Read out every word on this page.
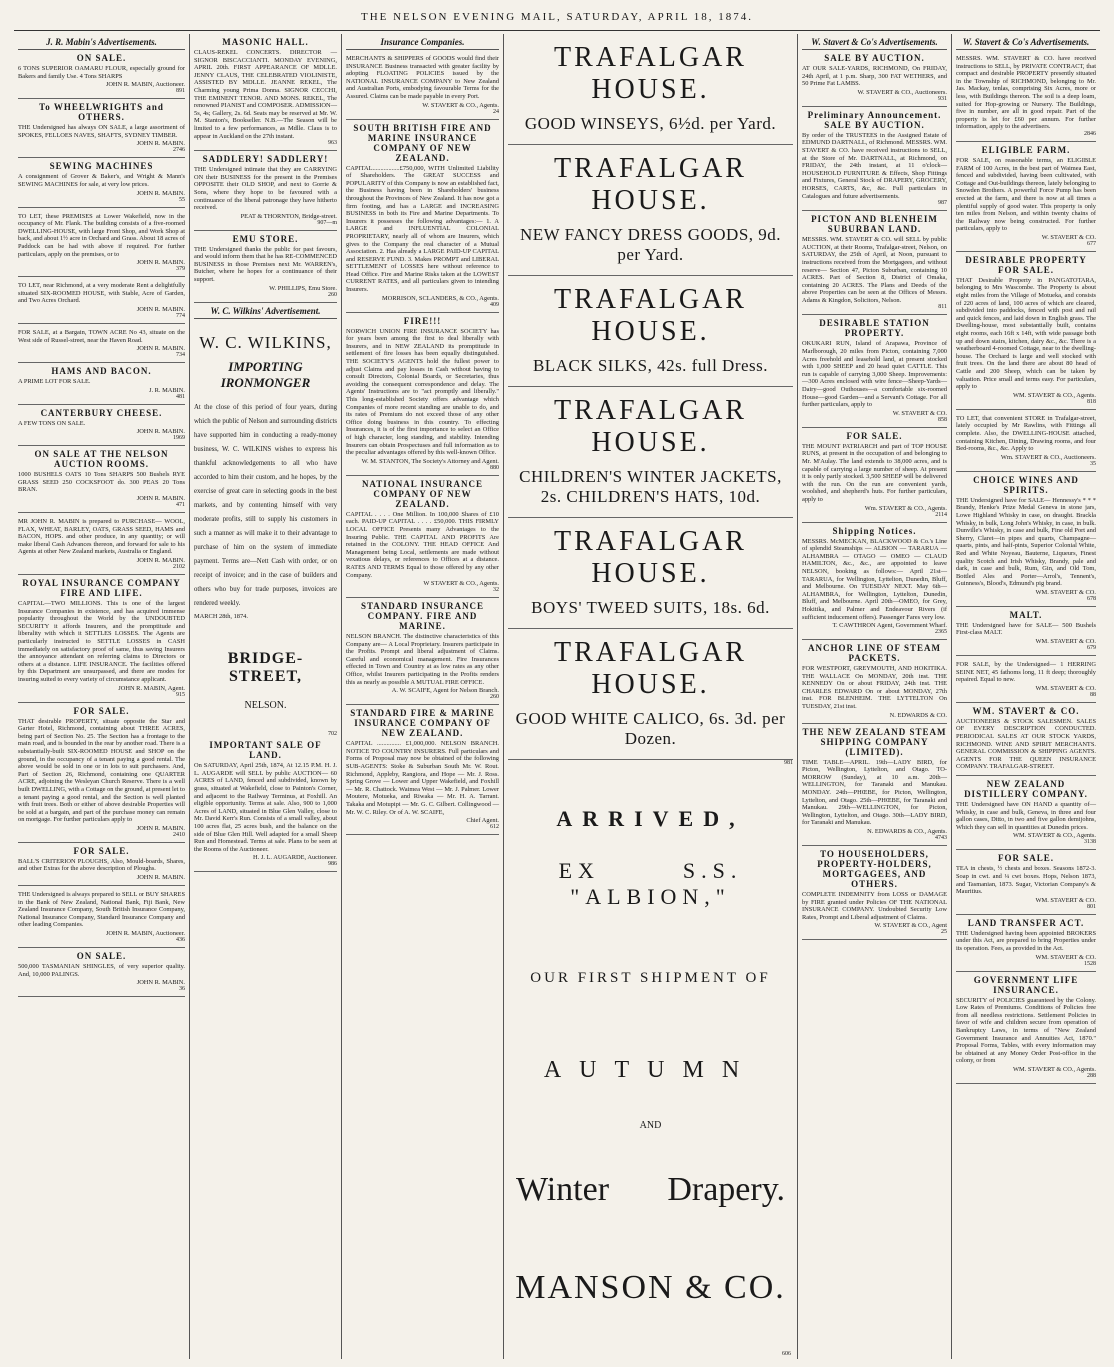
THE NELSON EVENING MAIL, SATURDAY, APRIL 18, 1874.
J. R. Mabin's Advertisements.
ON SALE.
6 TONS SUPERIOR OAMARU FLOUR, especially ground for Bakers and family Use. 4 Tons SHARPS
JOHN R. MABIN, Auctioneer.
891
To WHEELWRIGHTS and OTHERS.
THE Undersigned has always ON SALE, a large assortment of SPOKES, FELLOES NAVES, SHAFTS, SYDNEY TIMBER.
JOHN R. MABIN.
2746
SEWING MACHINES
A consignment of Grover & Baker's, and Wright & Mann's SEWING MACHINES for sale, at very low prices.
JOHN R. MABIN.
55
TO LET, these PREMISES at Lower Wakefield, now in the occupancy of Mr. Flank. The building consists of a five-roomed DWELLING-HOUSE, with large Front Shop, and Work Shop at back, and about 1½ acre in Orchard and Grass. About 18 acres of Paddock can be had with above if required. For further particulars, apply on the premises, or to
JOHN R. MABIN.
379
TO LET, near Richmond, at a very moderate Rent a delightfully situated SIX-ROOMED HOUSE, with Stable, Acre of Garden, and Two Acres Orchard.
JOHN R. MABIN.
774
FOR SALE, at a Bargain, TOWN ACRE No 43, situate on the West side of Russel-street, near the Haven Road.
JOHN R. MABIN.
734
HAMS AND BACON.
A PRIME LOT FOR SALE.
J. R. MABIN.
481
CANTERBURY CHEESE.
A FEW TONS ON SALE.
JOHN R. MABIN.
1969
ON SALE AT THE NELSON AUCTION ROOMS.
1000 BUSHELS OATS 10 Tons SHARPS 500 Bushels RYE GRASS SEED 250 COCKSFOOT do. 300 PEAS 20 Tons BRAN.
JOHN R. MABIN.
471
MR JOHN R. MABIN is prepared to PURCHASE— WOOL, FLAX, WHEAT, BARLEY, OATS, GRASS SEED, HAMS and BACON, HOPS. and other produce, in any quantity; or will make liberal Cash Advances thereon, and forward for sale to his Agents at other New Zealand markets, Australia or England.
JOHN R. MABIN.
2102
ROYAL INSURANCE COMPANY FIRE AND LIFE.
CAPITAL—TWO MILLIONS. This is one of the largest Insurance Companies in existence, and has acquired immense popularity throughout the World by the UNDOUBTED SECURITY it affords Insurers, and the promptitude and liberality with which it SETTLES LOSSES. The Agents are particularly instructed to SETTLE LOSSES in CASH immediately on satisfactory proof of same, thus saving Insurers the annoyance attendant on referring claims to Directors or others at a distance. LIFE INSURANCE. The facilities offered by this Department are unsurpassed, and there are modes for insuring suited to every variety of circumstance applicant.
JOHN R. MABIN, Agent.
915
FOR SALE.
THAT desirable PROPERTY, situate opposite the Star and Garter Hotel, Richmond, containing about THREE ACRES, being part of Section No. 25. The Section has a frontage to the main road, and is bounded in the rear by another road. There is a substantially-built SIX-ROOMED HOUSE and SHOP on the ground, in the occupancy of a tenant paying a good rental. The above would be sold in one or in lots to suit purchasers. And, Part of Section 26, Richmond, containing one QUARTER ACRE, adjoining the Wesleyan Church Reserve. There is a well built DWELLING, with a Cottage on the ground, at present let to a tenant paying a good rental, and the Section is well planted with fruit trees. Both or either of above desirable Properties will be sold at a bargain, and part of the purchase money can remain on mortgage. For further particulars apply to
JOHN R. MABIN.
2410
FOR SALE.
BALL'S CRITERION PLOUGHS, Also, Mould-boards, Shares, and other Extras for the above description of Ploughs.
JOHN R. MABIN.
THE Undersigned is always prepared to SELL or BUY SHARES in the Bank of New Zealand, National Bank, Fiji Bank, New Zealand Insurance Company, South British Insurance Company, National Insurance Company, Standard Insurance Company and other leading Companies.
JOHN R. MABIN, Auctioneer.
436
ON SALE.
500,000 TASMANIAN SHINGLES, of very superior quality. And, 10,000 PALINGS.
JOHN R. MABIN.
36
MASONIC HALL.
CLAUS-REKEL CONCERTS. DIRECTOR — SIGNOR BISCACCIANTI. MONDAY EVENING, APRIL 20th. FIRST APPEARANCE OF MDLLE. JENNY CLAUS, THE CELEBRATED VIOLINISTE, ASSISTED BY MDLLE. JEANNE REKEL, The Charming young Prima Donna. SIGNOR CECCHI, THE EMINENT TENOR. AND MONS. REKEL, The renowned PIANIST and COMPOSER. ADMISSION—5s, 4s; Gallery, 2s. 6d. Seats may be reserved at Mr. W. M. Stanton's, Bookseller. N.B.—The Season will be limited to a few performances, as Mdlle. Claus is to appear in Auckland on the 27th instant.
963
SADDLERY! SADDLERY!
THE Undersigned intimate that they are CARRYING ON their BUSINESS for the present in the Premises OPPOSITE their OLD SHOP, and next to Gorrie & Sons, where they hope to be favoured with a continuance of the liberal patronage they have hitherto received.
PEAT & THORNTON, Bridge-street.
907—m
EMU STORE.
THE Undersigned thanks the public for past favours, and would inform them that he has RE-COMMENCED BUSINESS in those Premises next Mr. WARREN's, Butcher, where he hopes for a continuance of their support.
W. PHILLIPS, Emu Store.
260
W. C. Wilkins' Advertisement.
W. C. WILKINS,
IMPORTING IRONMONGER
At the close of this period of four years, during which the public of Nelson and surrounding districts have supported him in conducting a ready-money business, W. C. WILKINS wishes to express his thankful acknowledgements to all who have accorded to him their custom, and he hopes, by the exercise of great care in selecting goods in the best markets, and by contenting himself with very moderate profits, still to supply his customers in such a manner as will make it to their advantage to purchase of him on the system of immediate payment. Terms are—Nett Cash with order, or on receipt of invoice; and in the case of builders and others who buy for trade purposes, invoices are rendered weekly.
MARCH 28th, 1874.
BRIDGE-STREET,
NELSON.
702
IMPORTANT SALE OF LAND.
On SATURDAY, April 25th, 1874, At 12.15 P.M. H. J. L. AUGARDE will SELL by public AUCTION— 60 ACRES of LAND, fenced and subdivided, known by grass, situated at Wakefield, close to Painton's Corner, and adjacent to the Railway Terminus, at Foxhill. An eligible opportunity. Terms at sale. Also, 900 to 1,000 Acres of LAND, situated in Blue Glen Valley, close to Mr. David Kerr's Run. Consists of a small valley, about 100 acres flat, 25 acres bush, and the balance on the side of Blue Glen Hill. Well adapted for a small Sheep Run and Homestead. Terms at sale. Plans to be seen at the Rooms of the Auctioneer.
H. J. L. AUGARDE, Auctioneer.
986
Insurance Companies.
MERCHANTS & SHIPPERS of GOODS would find their INSURANCE Business transacted with greater facility by adopting FLOATING POLICIES issued by the NATIONAL INSURANCE COMPANY to New Zealand and Australian Ports, embodying favourable Terms for the Assured. Claims can be made payable in every Port.
W. STAVERT & CO., Agents.
24
SOUTH BRITISH FIRE AND MARINE INSURANCE COMPANY OF NEW ZEALAND.
CAPITAL.................£750,000, WITH Unlimited Liability of Shareholders. The GREAT SUCCESS and POPULARITY of this Company is now an established fact, the Business having been in Shareholders' business throughout the Provinces of New Zealand. It has now got a firm footing, and has a LARGE and INCREASING BUSINESS in both its Fire and Marine Departments. To Insurers it possesses the following advantages:— 1. A LARGE and INFLUENTIAL COLONIAL PROPRIETARY, nearly all of whom are Insurers, which gives to the Company the real character of a Mutual Association. 2. Has already a LARGE PAID-UP CAPITAL and RESERVE FUND. 3. Makes PROMPT and LIBERAL SETTLEMENT of LOSSES here without reference to Head Office. Fire and Marine Risks taken at the LOWEST CURRENT RATES, and all particulars given to intending Insurers.
MORRISON, SCLANDERS, & CO., Agents.
409
FIRE!!!
NORWICH UNION FIRE INSURANCE SOCIETY has for years been among the first to deal liberally with Insurers, and in NEW ZEALAND its promptitude in settlement of fire losses has been equally distinguished. THE SOCIETY'S AGENTS hold the fullest power to adjust Claims and pay losses in Cash without having to consult Directors, Colonial Boards, or Secretaries, thus avoiding the consequent correspondence and delay. The Agents' Instructions are to "act promptly and liberally." This long-established Society offers advantage which Companies of more recent standing are unable to do, and its rates of Premium do not exceed those of any other Office doing business in this country. To effecting Insurances, it is of the first importance to select an Office of high character, long standing, and stability. Intending Insurers can obtain Prospectuses and full information as to the peculiar advantages offered by this well-known Office.
W. M. STANTON, The Society's Attorney and Agent.
880
NATIONAL INSURANCE COMPANY OF NEW ZEALAND.
CAPITAL . . . . One Million. In 100,000 Shares of £10 each. PAID-UP CAPITAL . . . . £50,000. THIS FIRMLY LOCAL OFFICE Presents many Advantages to the Insuring Public. THE CAPITAL AND PROFITS Are retained in the COLONY. THE HEAD OFFICE And Management being Local, settlements are made without vexatious delays, or references to Offices at a distance. RATES AND TERMS Equal to those offered by any other Company.
W STAVERT & CO., Agents.
32
STANDARD INSURANCE COMPANY. FIRE AND MARINE.
NELSON BRANCH. The distinctive characteristics of this Company are— A Local Proprietary. Insurers participate in the Profits. Prompt and liberal adjustment of Claims. Careful and economical management. Fire Insurances effected in Town and Country at as low rates as any other Office, whilst Insurers participating in the Profits renders this as nearly as possible A MUTUAL FIRE OFFICE.
A. W. SCAIFE, Agent for Nelson Branch.
260
STANDARD FIRE & MARINE INSURANCE COMPANY OF NEW ZEALAND.
CAPITAL ............... £1,000,000. NELSON BRANCH. NOTICE TO COUNTRY INSURERS. Full particulars and Forms of Proposal may now be obtained of the following SUB-AGENTS: Stoke & Suburban South Mr. W. Rout. Richmond, Appleby, Rangiora, and Hope — Mr. J. Ross. Spring Grove — Lower and Upper Wakefield, and Foxhill — Mr. R. Chattock. Waimea West — Mr. J. Palmer. Lower Moutere, Motueka, and Riwaka — Mr. H. A. Tarrant. Takaka and Motupipi — Mr. G. C. Gilbert. Collingwood — Mr. W. C. Riley. Or of A. W. SCAIFE,
Chief Agent.
612
TRAFALGAR HOUSE.
GOOD WINSEYS, 6½d. per Yard.
TRAFALGAR HOUSE.
NEW FANCY DRESS GOODS, 9d. per Yard.
TRAFALGAR HOUSE.
BLACK SILKS, 42s. full Dress.
TRAFALGAR HOUSE.
CHILDREN'S WINTER JACKETS, 2s. CHILDREN'S HATS, 10d.
TRAFALGAR HOUSE.
BOYS' TWEED SUITS, 18s. 6d.
TRAFALGAR HOUSE.
GOOD WHITE CALICO, 6s. 3d. per Dozen.
981
ARRIVED,
EX	S.S. "ALBION,"
OUR FIRST SHIPMENT OF
AUTUMN
AND
Winter Drapery.
MANSON & CO.
606
W. Stavert & Co's Advertisements.
SALE BY AUCTION.
AT OUR SALE-YARDS, RICHMOND, On FRIDAY, 24th April, at 1 p.m. Sharp, 300 FAT WETHERS, and 50 Prime Fat LAMBS.
W. STAVERT & CO., Auctioneers.
931
Preliminary Announcement. SALE BY AUCTION.
By order of the TRUSTEES in the Assigned Estate of EDMUND DARTNALL, of Richmond. MESSRS. WM. STAVERT & CO. have received instructions to SELL, at the Store of Mr. DARTNALL, at Richmond, on FRIDAY, the 24th instant, at 11 o'clock— HOUSEHOLD FURNITURE & Effects, Shop Fittings and Fixtures, General Stock of DRAPERY, GROCERY, HORSES, CARTS, &c, &c. Full particulars in Catalogues and future advertisements.
987
PICTON AND BLENHEIM SUBURBAN LAND.
MESSRS. WM. STAVERT & CO. will SELL by public AUCTION, at their Rooms, Trafalgar-street, Nelson, on SATURDAY, the 25th of April, at Noon, pursuant to instructions received from the Mortgagees, and without reserve— Section 47, Picton Suburban, containing 10 ACRES. Part of Section 8, District of Omaka, containing 20 ACRES. The Plans and Deeds of the above Properties can be seen at the Offices of Messrs. Adams & Kingdon, Solicitors, Nelson.
811
DESIRABLE STATION PROPERTY.
OKUKARI RUN, Island of Arapawa, Province of Marlborough, 20 miles from Picton, containing 7,000 Acres freehold and leasehold land, at present stocked with 1,000 SHEEP and 20 head quiet CATTLE. This run is capable of carrying 3,000 Sheep. Improvements:—300 Acres enclosed with wire fence—Sheep-Yards—Dairy—good Outhouses—a comfortable six-roomed House—good Garden—and a Servant's Cottage. For all further particulars, apply to
W. STAVERT & CO.
858
FOR SALE.
THE MOUNT PATRIARCH and part of TOP HOUSE RUNS, at present in the occupation of and belonging to Mr. M'Aulay. The land extends to 38,000 acres, and is capable of carrying a large number of sheep. At present it is only partly stocked. 3,500 SHEEP will be delivered with the run. On the run are convenient yards, woolshed, and shepherd's huts. For further particulars, apply to
Wm. STAVERT & CO., Agents.
2114
Shipping Notices.
MESSRS. McMECKAN, BLACKWOOD & Co.'s Line of splendid Steamships — ALBION — TARARUA — ALHAMBRA — OTAGO — OMEO — CLAUD HAMILTON, &c., &c., are appointed to leave NELSON, booking as follows:— April 21st—TARARUA, for Wellington, Lyttelton, Dunedin, Bluff, and Melbourne. On TUESDAY NEXT. May 6th—ALHAMBRA, for Wellington, Lyttelton, Dunedin, Bluff, and Melbourne. April 20th—OMEO, for Grey, Hokitika, and Palmer and Endeavour Rivers (if sufficient inducement offers). Passenger Fares very low.
T. CAWTHRON Agent, Government Wharf.
2365
ANCHOR LINE OF STEAM PACKETS.
FOR WESTPORT, GREYMOUTH, AND HOKITIKA. THE WALLACE On MONDAY, 20th inst. THE KENNEDY On or about FRIDAY, 24th inst. THE CHARLES EDWARD On or about MONDAY, 27th inst. FOR BLENHEIM. THE LYTTELTON On TUESDAY, 21st inst.
N. EDWARDS & CO.
THE NEW ZEALAND STEAM SHIPPING COMPANY (LIMITED).
TIME TABLE—APRIL. 19th—LADY BIRD, for Picton, Wellington, Lyttelton, and Otago. TO-MORROW (Sunday), at 10 a.m. 20th—WELLINGTON, for Taranaki and Manukau. MONDAY. 24th—PHŒBE, for Picton, Wellington, Lyttelton, and Otago. 25th—PHŒBE, for Taranaki and Manukau. 29th—WELLINGTON, for Picton, Wellington, Lyttelton, and Otago. 30th—LADY BIRD, for Taranaki and Manukau.
N. EDWARDS & CO., Agents.
4743
TO HOUSEHOLDERS, PROPERTY-HOLDERS, MORTGAGEES, AND OTHERS.
COMPLETE INDEMNITY from LOSS or DAMAGE by FIRE granted under Policies OF THE NATIONAL INSURANCE COMPANY. Undoubted Security Low Rates, Prompt and Liberal adjustment of Claims.
W. STAVERT & CO., Agent
25
W. Stavert & Co's Advertisements.
MESSRS. WM. STAVERT & CO. have received instructions to SELL, by PRIVATE CONTRACT, that compact and desirable PROPERTY presently situated in the Township of RICHMOND, belonging to Mr. Jas. Mackay, tenlas, comprising Six Acres, more or less, with Buildings thereon. The soil is a deep loam, suited for Hop-growing or Nursery. The Buildings, five in number, are all in good repair. Part of the property is let for £60 per annum. For further information, apply to the advertisers.
2846
ELIGIBLE FARM.
FOR SALE, on reasonable terms, an ELIGIBLE FARM of 100 Acres, in the best part of Waimea East, fenced and subdivided, having been cultivated, with Cottage and Out-buildings thereon, lately belonging to Snowden Brothers. A powerful Force Pump has been erected at the farm, and there is now at all times a plentiful supply of good water. This property is only ten miles from Nelson, and within twenty chains of the Railway now being constructed. For further particulars, apply to
W. STAVERT & CO.
677
DESIRABLE PROPERTY FOR SALE.
THAT Desirable Property in PANGATOTARA, belonging to Mrs Wascombe. The Property is about eight miles from the Village of Motueka, and consists of 220 acres of land, 100 acres of which are cleared, subdivided into paddocks, fenced with post and rail and quick fences, and laid down in English grass. The Dwelling-house, most substantially built, contains eight rooms, each 16ft x 14ft, with wide passage both up and down stairs, kitchen, dairy &c., &c. There is a weatherboard 4-roomed Cottage, near to the dwelling-house. The Orchard is large and well stocked with fruit trees. On the land there are about 80 head of Cattle and 200 Sheep, which can be taken by valuation. Price small and terms easy. For particulars, apply to
WM. STAVERT & CO., Agents.
818
TO LET, that convenient STORE in Trafalgar-street, lately occupied by Mr Rawlins, with Fittings all complete. Also, the DWELLING-HOUSE attached, containing Kitchen, Dining, Drawing rooms, and four Bed-rooms, &c., &c. Apply to
Wm. STAVERT & CO., Auctioneers.
35
CHOICE WINES AND SPIRITS.
THE Undersigned have for SALE— Hennessy's * * * Brandy, Henke's Prize Medal Geneva in stone jars, Lowe Highland Whisky in case, on draught. Brackla Whisky, in bulk, Long John's Whisky, in case, in bulk. Dunville's Whisky, in case and bulk, Fine old Port and Sherry, Claret—in pipes and quarts, Champagne—quarts, pints, and half-pints, Superior Colonial White, Red and White Noyeau, Bauterne, Liqueurs, Finest quality Scotch and Irish Whisky, Brandy, pale and dark, in case and bulk, Rum, Gin, and Old Tom, Bottled Ales and Porter—Arrol's, Tennent's, Guinness's, Blood's, Edmund's pig brand.
WM. STAVERT & CO.
678
MALT.
THE Undersigned have for SALE— 500 Bushels First-class MALT.
WM. STAVERT & CO.
679
FOR SALE, by the Undersigned— 1 HERRING SEINE NET, 45 fathoms long, 11 ft deep; thoroughly repaired. Equal to new.
WM. STAVERT & CO.
88
WM. STAVERT & CO.
AUCTIONEERS & STOCK SALESMEN. SALES OF EVERY DESCRIPTION CONDUCTED. PERIODICAL SALES AT OUR STOCK YARDS, RICHMOND. WINE AND SPIRIT MERCHANTS. GENERAL COMMISSION & SHIPPING AGENTS. AGENTS FOR THE QUEEN INSURANCE COMPANY. TRAFALGAR-STREET.
NEW ZEALAND DISTILLERY COMPANY.
THE Undersigned have ON HAND a quantity of— Whisky, in case and bulk, Geneva, in three and four gallon cases, Ditto, in two and five gallon demijohns, Which they can sell in quantities at Dunedin prices.
WM. STAVERT & CO., Agents.
3138
FOR SALE.
TEA in chests, ½ chests and boxes. Seasons 1872-3. Soap in cwt. and ¼ cwt boxes. Hops, Nelson 1873, and Tasmanian, 1873. Sugar, Victorian Company's & Mauritius.
WM. STAVERT & CO.
801
LAND TRANSFER ACT.
THE Undersigned having been appointed BROKERS under this Act, are prepared to bring Properties under its operation. Fees, as provided in the Act.
WM. STAVERT & CO.
1528
GOVERNMENT LIFE INSURANCE.
SECURITY of POLICIES guaranteed by the Colony. Low Rates of Premiums. Conditions of Policies free from all needless restrictions. Settlement Policies in favor of wife and children secure from operation of Bankruptcy Laws, in terms of "New Zealand Government Insurance and Annuities Act, 1870." Proposal Forms, Tables, with every information may be obtained at any Money Order Post-office in the colony, or from
WM. STAVERT & CO., Agents.
288
